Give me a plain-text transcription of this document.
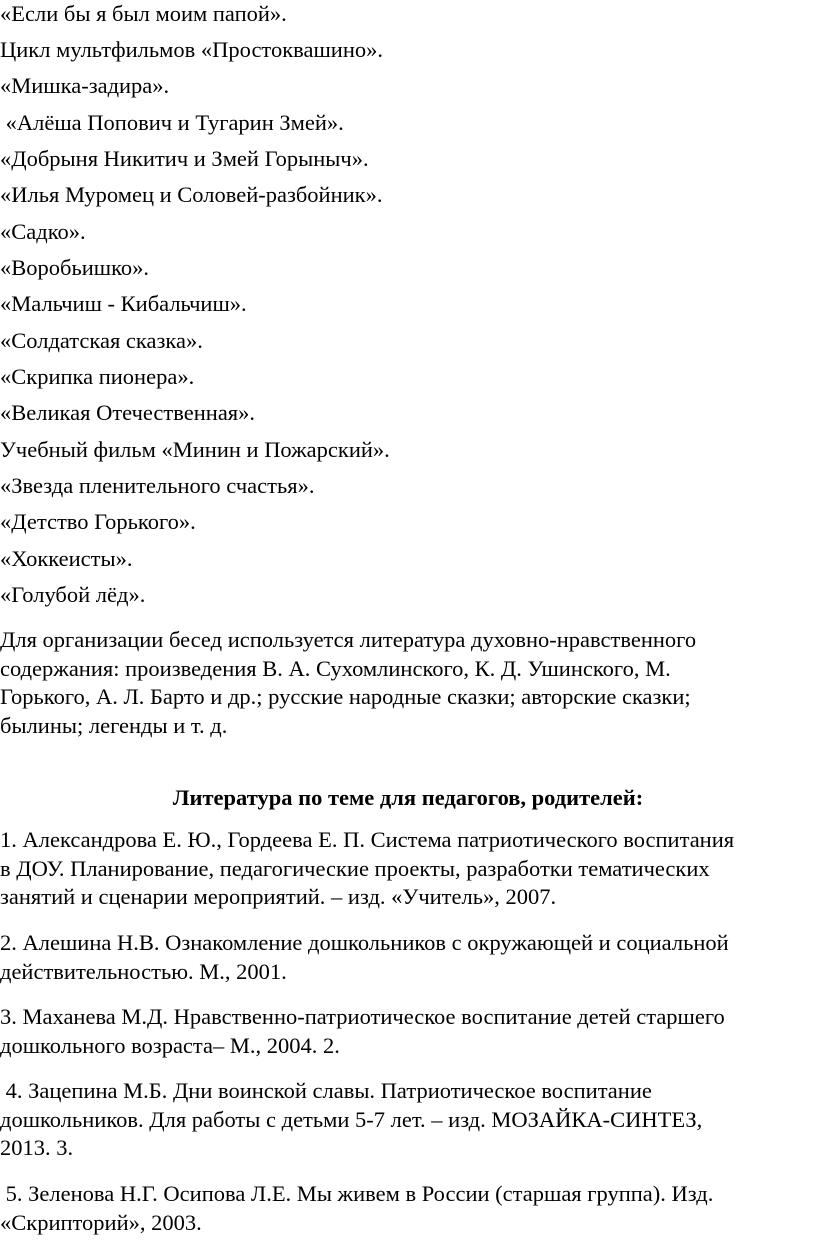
«Если бы я был моим папой».
Цикл мультфильмов «Простоквашино».
«Мишка-задира».
«Алёша Попович и Тугарин Змей».
«Добрыня Никитич и Змей Горыныч».
«Илья Муромец и Соловей-разбойник».
«Садко».
«Воробьишко».
«Мальчиш - Кибальчиш».
«Солдатская сказка».
«Скрипка пионера».
«Великая Отечественная».
Учебный фильм «Минин и Пожарский».
«Звезда пленительного счастья».
«Детство Горького».
«Хоккеисты».
«Голубой лёд».
Для организации бесед используется литература духовно-нравственного
содержания: произведения В. А. Сухомлинского, К. Д. Ушинского, М.
Горького, А. Л. Барто и др.; русские народные сказки; авторские сказки;
былины; легенды и т. д.
Литература по теме для педагогов, родителей:
1. Александрова Е. Ю., Гордеева Е. П. Система патриотического воспитания
в ДОУ. Планирование, педагогические проекты, разработки тематических
занятий и сценарии мероприятий. – изд. «Учитель», 2007.
2. Алешина Н.В. Ознакомление дошкольников с окружающей и социальной
действительностью. М., 2001.
3. Маханева М.Д. Нравственно-патриотическое воспитание детей старшего
дошкольного возраста– М., 2004. 2.
4. Зацепина М.Б. Дни воинской славы. Патриотическое воспитание
дошкольников. Для работы с детьми 5-7 лет. – изд. МОЗАЙКА-СИНТЕЗ,
2013. 3.
5. Зеленова Н.Г. Осипова Л.Е. Мы живем в России (старшая группа). Изд.
«Скрипторий», 2003.
